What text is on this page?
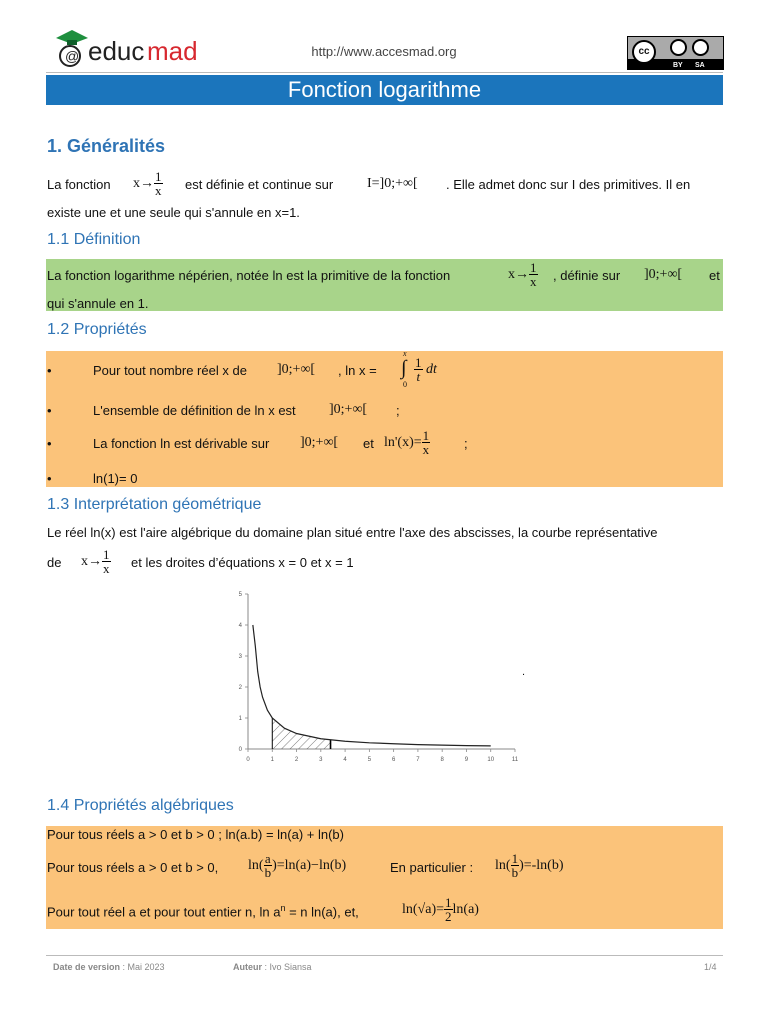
@ educ mad	http://www.accesmad.org	cc
BY SA
Fonction logarithme
1. Généralités
La fonction $x\to \frac{1}{x}$ est définie et continue sur I=]0;+∞[ . Elle admet donc sur I des primitives. Il en
existe une et une seule qui s'annule en x=1.
1.1 Définition
La fonction logarithme népérien, notée ln est la primitive de la fonction	$x\to \frac{1}{x}$ , définie sur ]0;+∞[ et
qui s'annule en 1.
1.2 Propriétés
•	Pour tout nombre réel x de ]0;+∞[ , ln x = ∫
x
0
$\frac{1}{t}$ dt
•	L'ensemble de définition de ln x est ]0;+∞[ ;
•	La fonction ln est dérivable sur ]0;+∞[ et $\ln'(x)= \frac{1}{x}$	;
•	ln(1)= 0
1.3 Interprétation géométrique
Le réel ln(x) est l'aire algébrique du domaine plan situé entre l'axe des abscisses, la courbe représentative
de $x\to \frac{1}{x}$ et les droites d’équations x = 0 et x = 1
0	1	2	3	4	5	6	7	8	9	10	11
0
1
2
3
4
5
.
1.4 Propriétés algébriques
Pour tous réels a > 0 et b > 0 ; ln(a.b) = ln(a) + ln(b)
Pour tous réels a > 0 et b > 0, $\ln( \frac{a}{b} )=\ln(a)-\ln(b)$	En particulier : $\ln( \frac{1}{b} )=-\ln(b)$
Pour tout réel a et pour tout entier n, $\ln a^n = n$ ln(a), et,	$\ln(√a)= \frac{1}{2} \ln(a)$
Date de version : Mai 2023	Auteur : Ivo Siansa	1/4
